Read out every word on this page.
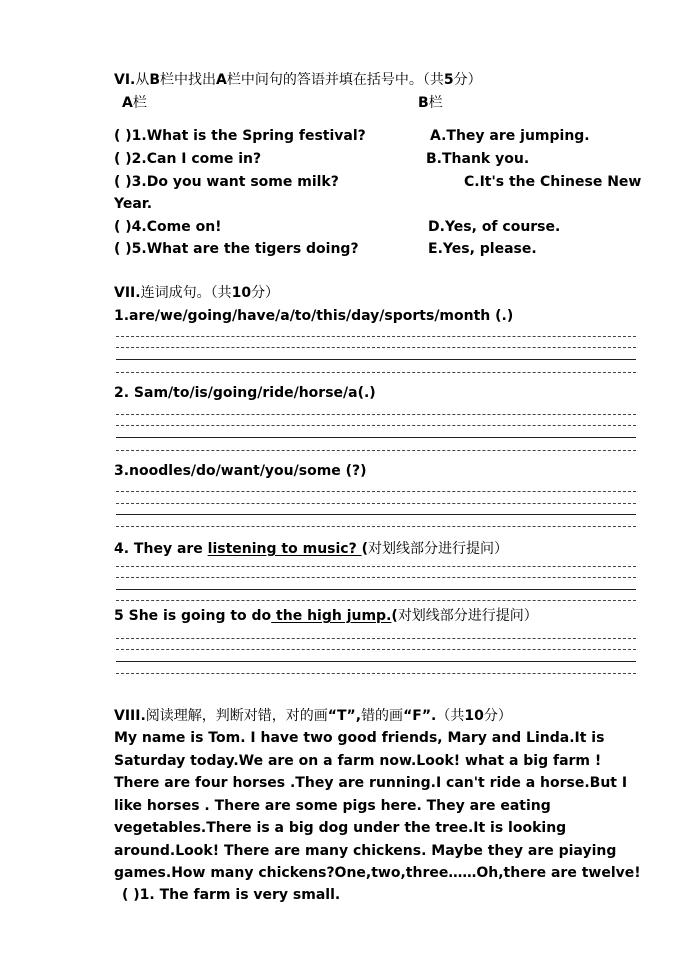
VI.从B栏中找出A栏中问句的答语并填在括号中。（共5分）
A栏	B栏
( )1.What is the Spring festival?	A.They are jumping.
( )2.Can I come in?	B.Thank you.
( )3.Do you want some milk?	C.It's the Chinese New
Year.
( )4.Come on!	D.Yes, of course.
( )5.What are the tigers doing?	E.Yes, please.
VII.连词成句。（共10分）
1.are/we/going/have/a/to/this/day/sports/month (.)
2. Sam/to/is/going/ride/horse/a(.)
3.noodles/do/want/you/some (?)
4. They are listening to music? (对划线部分进行提问）
5 She is going to do the high jump.(对划线部分进行提问）
VIII.阅读理解，判断对错，对的画“T”,错的画“F”.（共10分）
My name is Tom. I have two good friends, Mary and Linda.It is
Saturday today.We are on a farm now.Look! what a big farm !
There are four horses .They are running.I can't ride a horse.But I
like horses . There are some pigs here. They are eating
vegetables.There is a big dog under the tree.It is looking
around.Look! There are many chickens. Maybe they are piaying
games.How many chickens?One,two,three……Oh,there are twelve!
( )1. The farm is very small.
